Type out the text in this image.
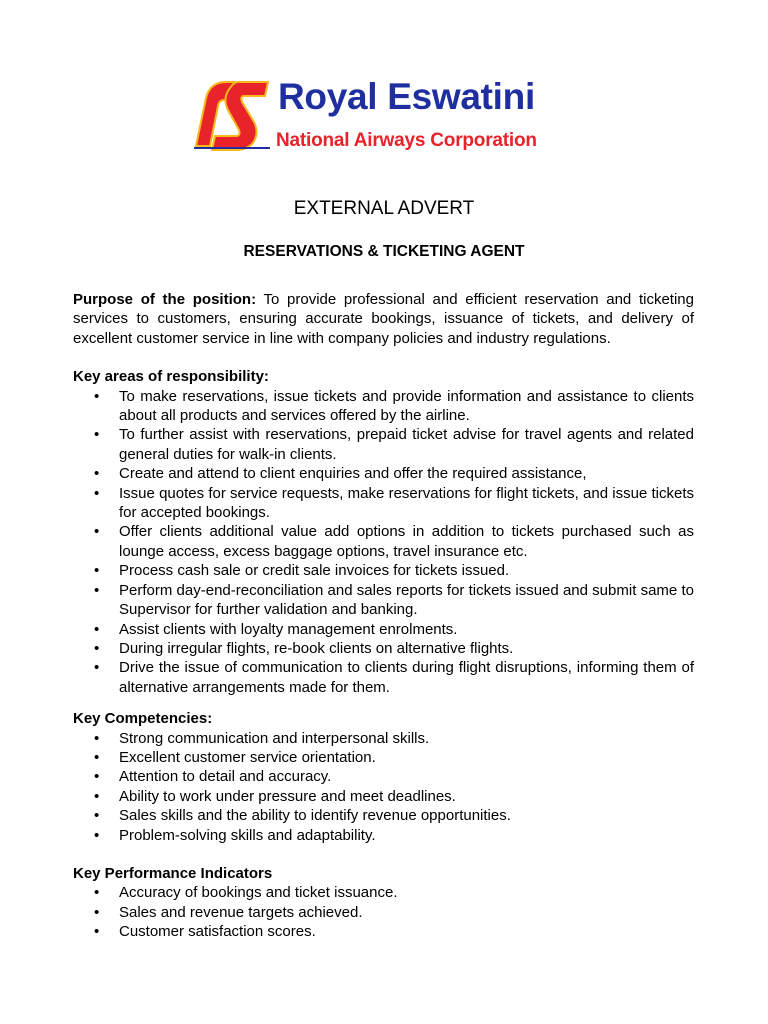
Royal Eswatini
National Airways Corporation
EXTERNAL ADVERT
RESERVATIONS & TICKETING AGENT

Purpose of the position: To provide professional and efficient reservation and ticketing services to customers, ensuring accurate bookings, issuance of tickets, and delivery of excellent customer service in line with company policies and industry regulations.

Key areas of responsibility:

• To make reservations, issue tickets and provide information and assistance to clients about all products and services offered by the airline.
• To further assist with reservations, prepaid ticket advise for travel agents and related general duties for walk-in clients.
• Create and attend to client enquiries and offer the required assistance,
• Issue quotes for service requests, make reservations for flight tickets, and issue tickets for accepted bookings.
• Offer clients additional value add options in addition to tickets purchased such as lounge access, excess baggage options, travel insurance etc.
• Process cash sale or credit sale invoices for tickets issued.
• Perform day-end-reconciliation and sales reports for tickets issued and submit same to Supervisor for further validation and banking.
• Assist clients with loyalty management enrolments.
• During irregular flights, re-book clients on alternative flights.
• Drive the issue of communication to clients during flight disruptions, informing them of alternative arrangements made for them.

Key Competencies:

• Strong communication and interpersonal skills.
• Excellent customer service orientation.
• Attention to detail and accuracy.
• Ability to work under pressure and meet deadlines.
• Sales skills and the ability to identify revenue opportunities.
• Problem-solving skills and adaptability.

Key Performance Indicators

• Accuracy of bookings and ticket issuance.
• Sales and revenue targets achieved.
• Customer satisfaction scores.
